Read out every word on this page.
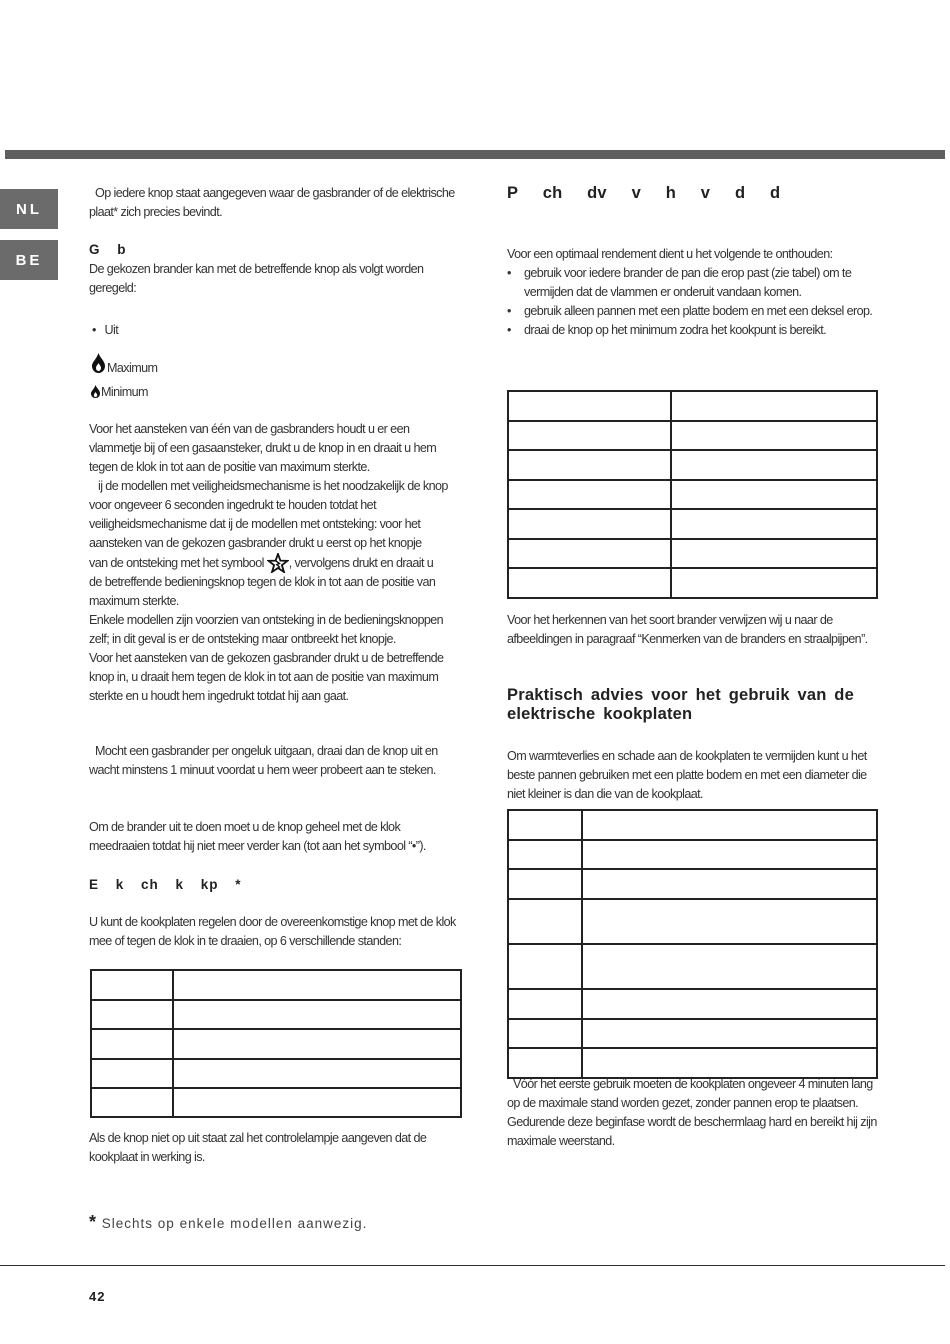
NL
BE

Op iedere knop staat aangegeven waar de gasbrander of de elektrische plaat* zich precies bevindt.

G b
De gekozen brander kan met de betreffende knop als volgt worden geregeld:
• Uit
Maximum
Minimum

Voor het aansteken van één van de gasbranders houdt u er een vlammetje bij of een gasaansteker, drukt u de knop in en draait u hem tegen de klok in tot aan de positie van maximum sterkte.

ij de modellen met veiligheidsmechanisme is het noodzakelijk de knop voor ongeveer 6 seconden ingedrukt te houden totdat het veiligheidsmechanisme dat ij de modellen met ontsteking: voor het aansteken van de gekozen gasbrander drukt u eerst op het knopje

van de ontsteking met het symbool , vervolgens drukt en draait u

de betreffende bedieningsknop tegen de klok in tot aan de positie van maximum sterkte.

Enkele modellen zijn voorzien van ontsteking in de bedieningsknoppen zelf; in dit geval is er de ontsteking maar ontbreekt het knopje.

Voor het aansteken van de gekozen gasbrander drukt u de betreffende knop in, u draait hem tegen de klok in tot aan de positie van maximum sterkte en u houdt hem ingedrukt totdat hij aan gaat.

Mocht een gasbrander per ongeluk uitgaan, draai dan de knop uit en wacht minstens 1 minuut voordat u hem weer probeert aan te steken.

Om de brander uit te doen moet u de knop geheel met de klok meedraaien totdat hij niet meer verder kan (tot aan het symbool “•”).
E k ch k kp *
U kunt de kookplaten regelen door de overeenkomstige knop met de klok mee of tegen de klok in te draaien, op 6 verschillende standen:

Als de knop niet op uit staat zal het controlelampje aangeven dat de kookplaat in werking is.
P ch dv v h v d d

Voor een optimaal rendement dient u het volgende te onthouden:

• gebruik voor iedere brander de pan die erop past (zie tabel) om te vermijden dat de vlammen er onderuit vandaan komen.

• gebruik alleen pannen met een platte bodem en met een deksel erop.

• draai de knop op het minimum zodra het kookpunt is bereikt.

Voor het herkennen van het soort brander verwijzen wij u naar de afbeeldingen in paragraaf “Kenmerken van de branders en straalpijpen”.
Praktisch advies voor het gebruik van de elektrische kookplaten
Om warmteverlies en schade aan de kookplaten te vermijden kunt u het beste pannen gebruiken met een platte bodem en met een diameter die niet kleiner is dan die van de kookplaat.

Vóór het eerste gebruik moeten de kookplaten ongeveer 4 minuten lang op de maximale stand worden gezet, zonder pannen erop te plaatsen. Gedurende deze beginfase wordt de beschermlaag hard en bereikt hij zijn maximale weerstand.

* Slechts op enkele modellen aanwezig.
42
